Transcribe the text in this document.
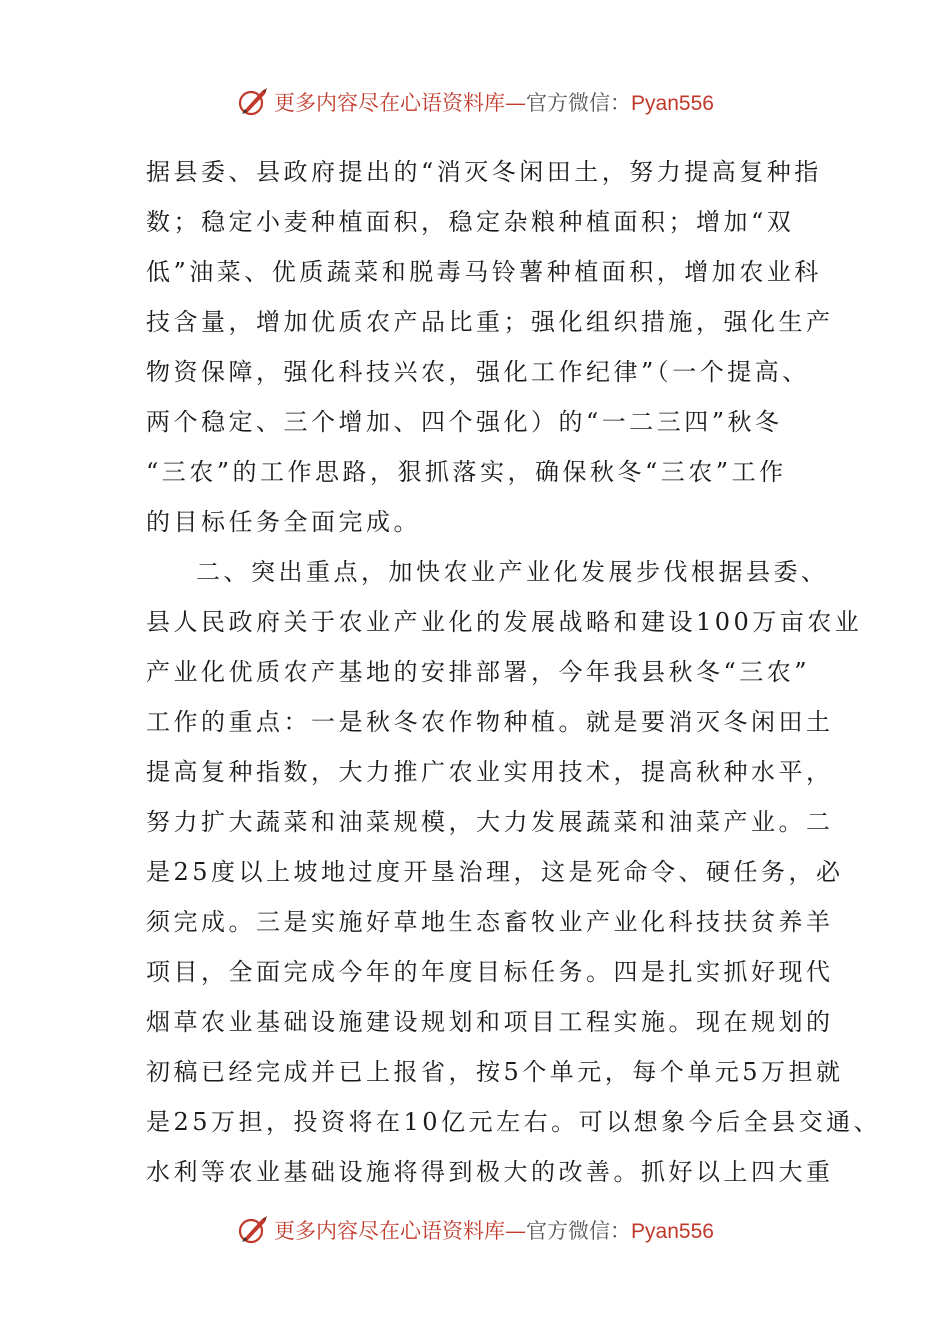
更多内容尽在心语资料库—官方微信：Pyan556
据县委、县政府提出的“消灭冬闲田土，努力提高复种指
数；稳定小麦种植面积，稳定杂粮种植面积；增加“双
低”油菜、优质蔬菜和脱毒马铃薯种植面积，增加农业科
技含量，增加优质农产品比重；强化组织措施，强化生产
物资保障，强化科技兴农，强化工作纪律”（一个提高、
两个稳定、三个增加、四个强化）的“一二三四”秋冬
“三农”的工作思路，狠抓落实，确保秋冬“三农”工作
的目标任务全面完成。
二、突出重点，加快农业产业化发展步伐根据县委、
县人民政府关于农业产业化的发展战略和建设100万亩农业
产业化优质农产基地的安排部署，今年我县秋冬“三农”
工作的重点：一是秋冬农作物种植。就是要消灭冬闲田土
提高复种指数，大力推广农业实用技术，提高秋种水平，
努力扩大蔬菜和油菜规模，大力发展蔬菜和油菜产业。二
是25度以上坡地过度开垦治理，这是死命令、硬任务，必
须完成。三是实施好草地生态畜牧业产业化科技扶贫养羊
项目，全面完成今年的年度目标任务。四是扎实抓好现代
烟草农业基础设施建设规划和项目工程实施。现在规划的
初稿已经完成并已上报省，按5个单元，每个单元5万担就
是25万担，投资将在10亿元左右。可以想象今后全县交通、
水利等农业基础设施将得到极大的改善。抓好以上四大重
更多内容尽在心语资料库—官方微信：Pyan556
